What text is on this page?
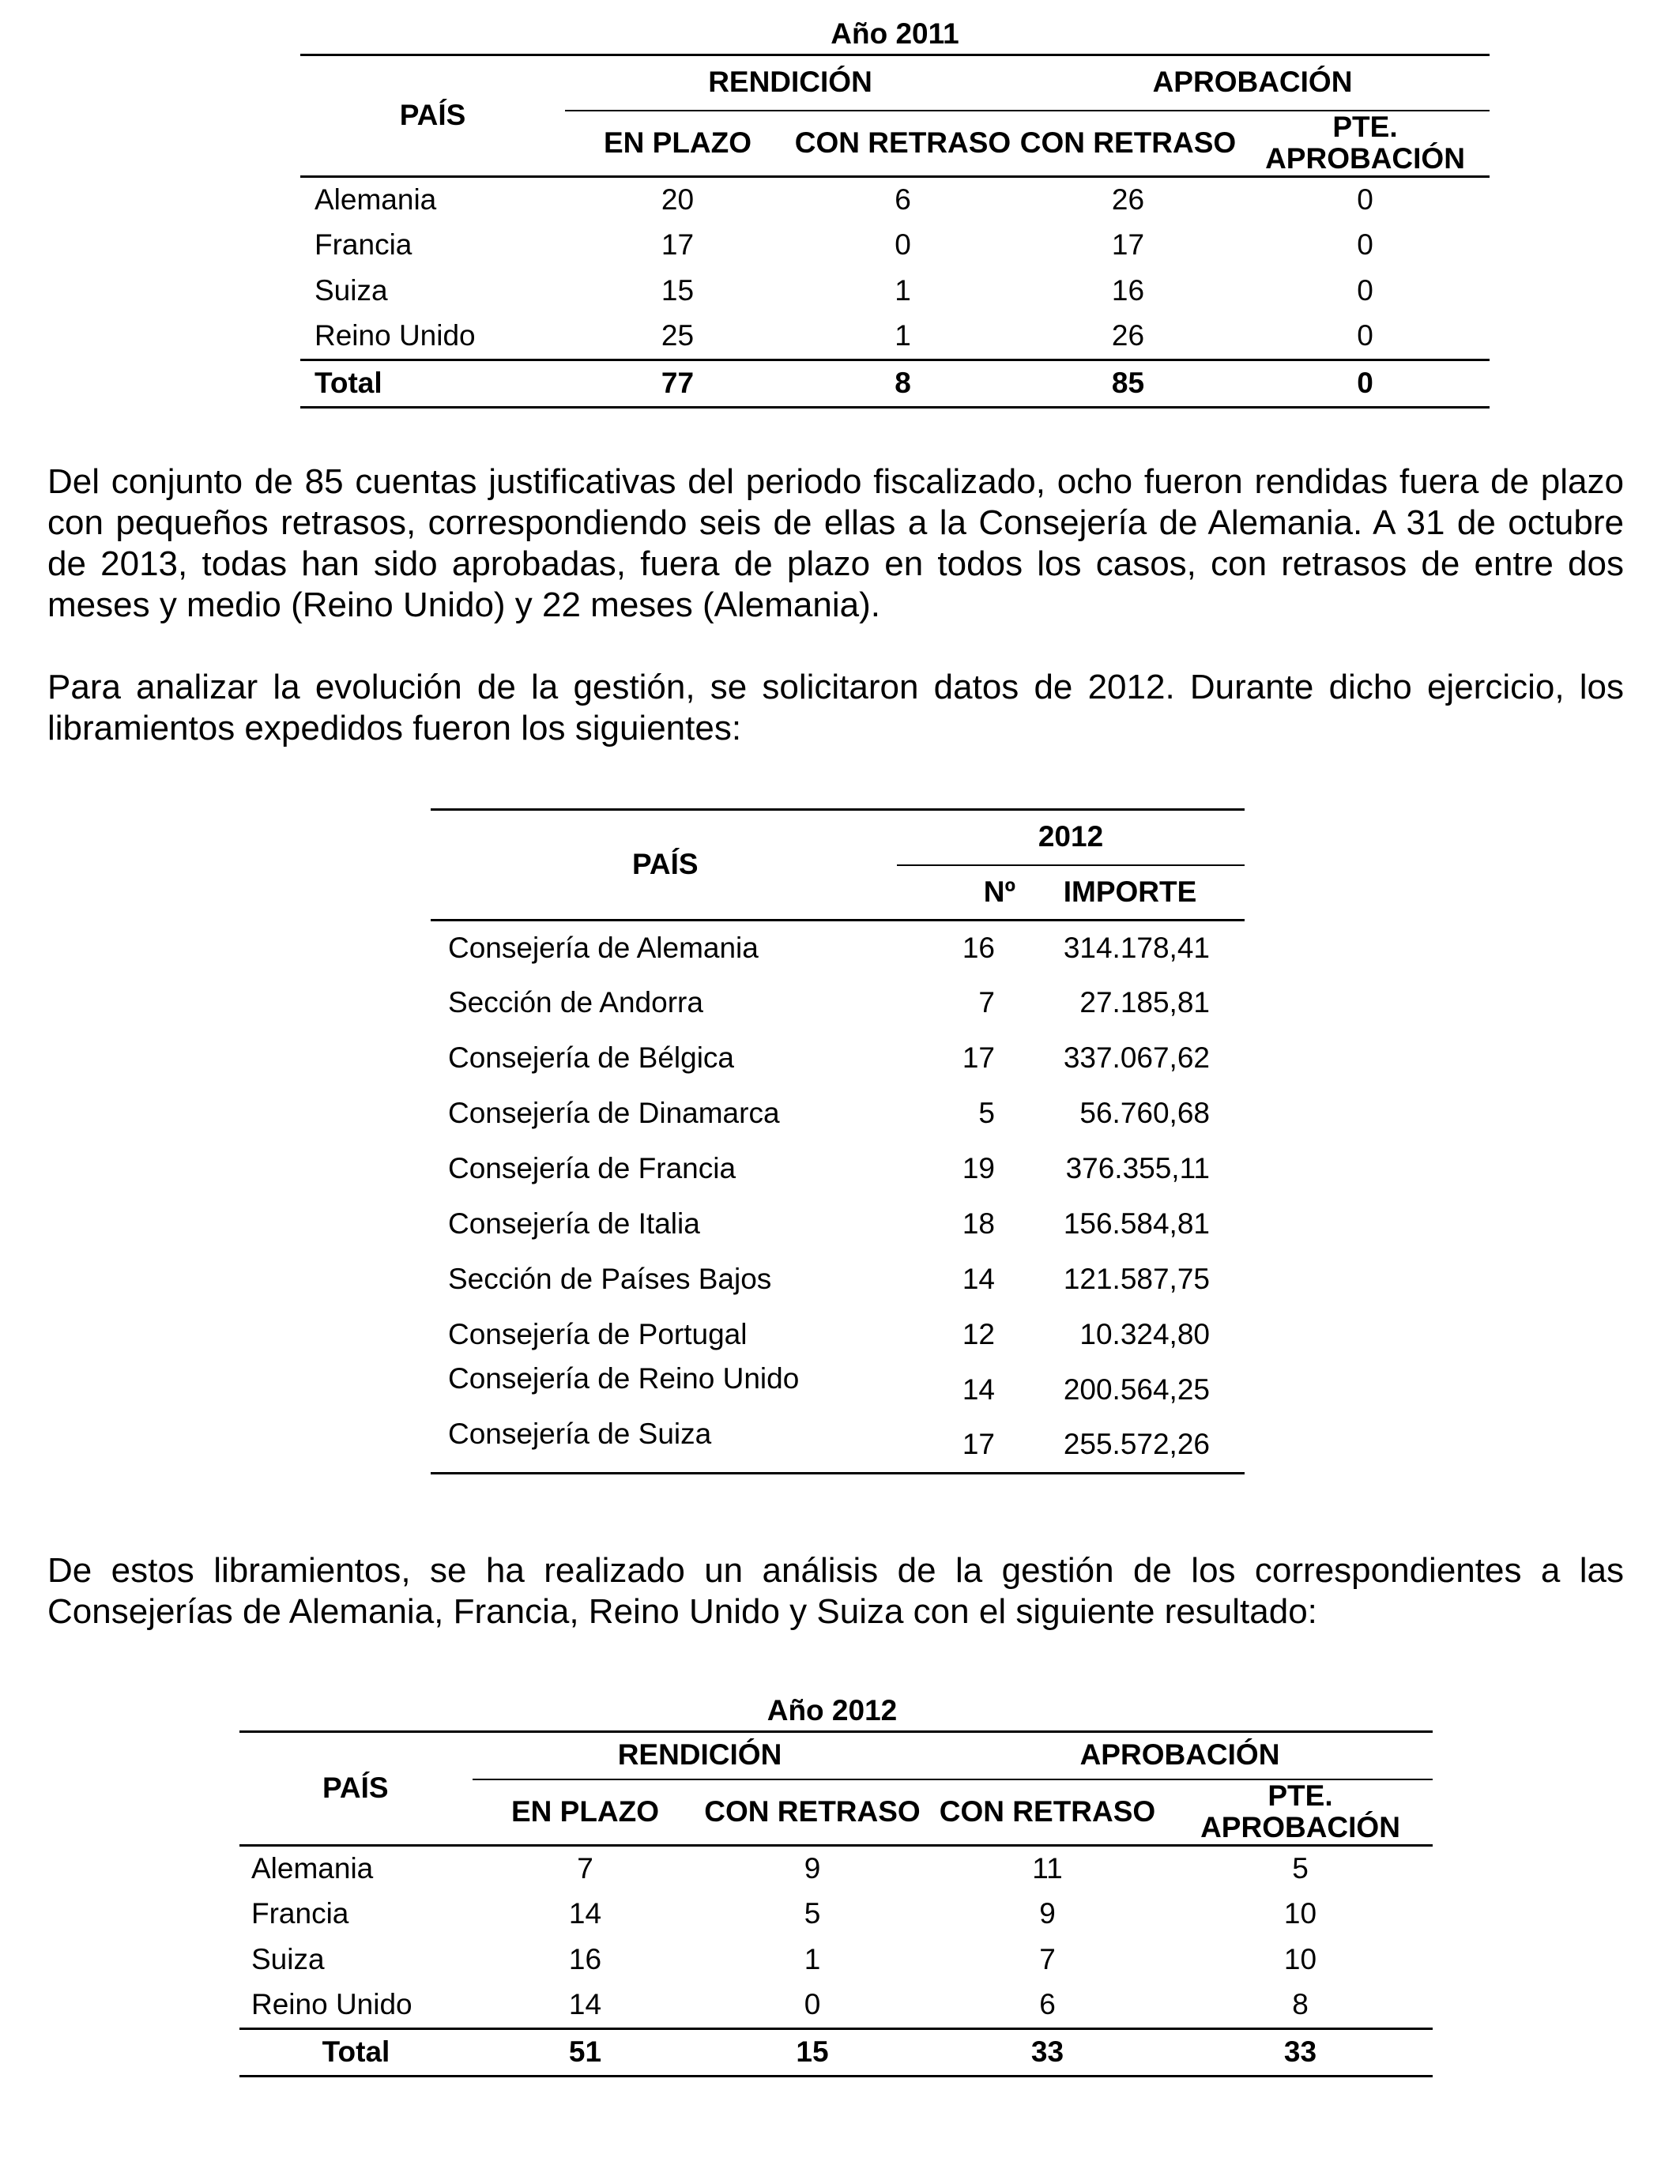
Año 2011
PAÍS	RENDICIÓN		APROBACIÓN	
	EN PLAZO	CON RETRASO	CON RETRASO	PTE. APROBACIÓN
Alemania	20	6	26	0
Francia	17	0	17	0
Suiza	15	1	16	0
Reino Unido	25	1	26	0
Total	77	8	85	0

Del conjunto de 85 cuentas justificativas del periodo fiscalizado, ocho fueron rendidas fuera de plazo con pequeños retrasos, correspondiendo seis de ellas a la Consejería de Alemania. A 31 de octubre de 2013, todas han sido aprobadas, fuera de plazo en todos los casos, con retrasos de entre dos meses y medio (Reino Unido) y 22 meses (Alemania).

Para analizar la evolución de la gestión, se solicitaron datos de 2012. Durante dicho ejercicio, los libramientos expedidos fueron los siguientes:

PAÍS	2012	
	Nº	IMPORTE
Consejería de Alemania	16	314.178,41
Sección de Andorra	7	27.185,81
Consejería de Bélgica	17	337.067,62
Consejería de Dinamarca	5	56.760,68
Consejería de Francia	19	376.355,11
Consejería de Italia	18	156.584,81
Sección de Países Bajos	14	121.587,75
Consejería de Portugal	12	10.324,80
Consejería de Reino Unido	14	200.564,25
Consejería de Suiza	17	255.572,26

De estos libramientos, se ha realizado un análisis de la gestión de los correspondientes a las Consejerías de Alemania, Francia, Reino Unido y Suiza con el siguiente resultado:

Año 2012
PAÍS	RENDICIÓN		APROBACIÓN	
	EN PLAZO	CON RETRASO	CON RETRASO	PTE. APROBACIÓN
Alemania	7	9	11	5
Francia	14	5	9	10
Suiza	16	1	7	10
Reino Unido	14	0	6	8
Total	51	15	33	33
